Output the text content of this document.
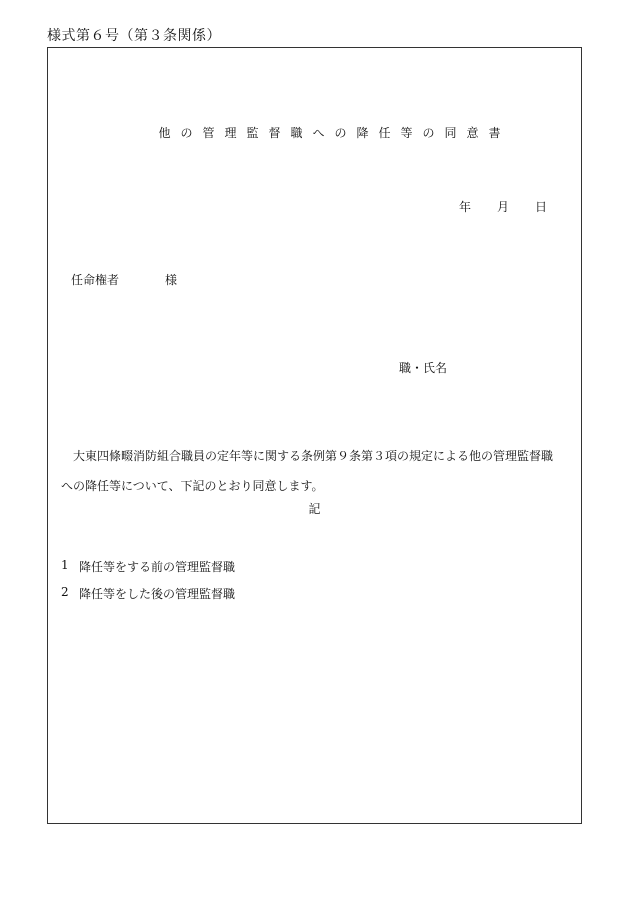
様式第６号（第３条関係）
他の管理監督職への降任等の同意書
年 月 日
任命権者	様
職・氏名
大東四條畷消防組合職員の定年等に関する条例第９条第３項の規定による他の管理監督職への降任等について、下記のとおり同意します。
記
1 降任等をする前の管理監督職
2 降任等をした後の管理監督職
